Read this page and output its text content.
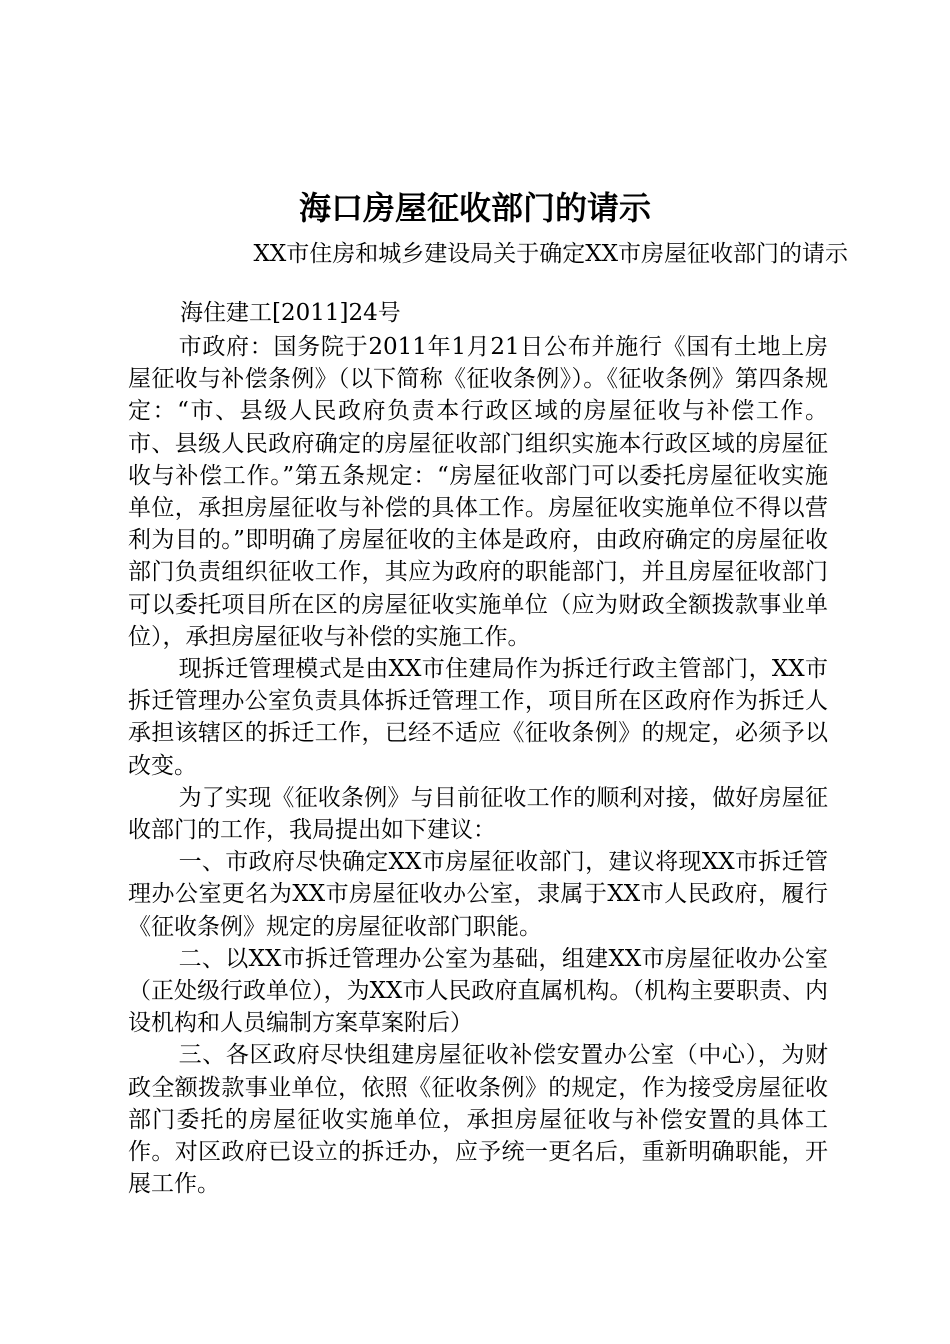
海口房屋征收部门的请示
XX市住房和城乡建设局关于确定XX市房屋征收部门的请示
海住建工[2011]24号

市政府：国务院于2011年1月21日公布并施行《国有土地上房屋征收与补偿条例》（以下简称《征收条例》）。《征收条例》第四条规定：“市、县级人民政府负责本行政区域的房屋征收与补偿工作。市、县级人民政府确定的房屋征收部门组织实施本行政区域的房屋征收与补偿工作。”第五条规定：“房屋征收部门可以委托房屋征收实施单位，承担房屋征收与补偿的具体工作。房屋征收实施单位不得以营利为目的。”即明确了房屋征收的主体是政府，由政府确定的房屋征收部门负责组织征收工作，其应为政府的职能部门，并且房屋征收部门可以委托项目所在区的房屋征收实施单位（应为财政全额拨款事业单位），承担房屋征收与补偿的实施工作。

现拆迁管理模式是由XX市住建局作为拆迁行政主管部门，XX市拆迁管理办公室负责具体拆迁管理工作，项目所在区政府作为拆迁人承担该辖区的拆迁工作，已经不适应《征收条例》的规定，必须予以改变。

为了实现《征收条例》与目前征收工作的顺利对接，做好房屋征收部门的工作，我局提出如下建议：

一、市政府尽快确定XX市房屋征收部门，建议将现XX市拆迁管理办公室更名为XX市房屋征收办公室，隶属于XX市人民政府，履行《征收条例》规定的房屋征收部门职能。

二、以XX市拆迁管理办公室为基础，组建XX市房屋征收办公室（正处级行政单位），为XX市人民政府直属机构。（机构主要职责、内设机构和人员编制方案草案附后）

三、各区政府尽快组建房屋征收补偿安置办公室（中心），为财政全额拨款事业单位，依照《征收条例》的规定，作为接受房屋征收部门委托的房屋征收实施单位，承担房屋征收与补偿安置的具体工作。对区政府已设立的拆迁办，应予统一更名后，重新明确职能，开展工作。
